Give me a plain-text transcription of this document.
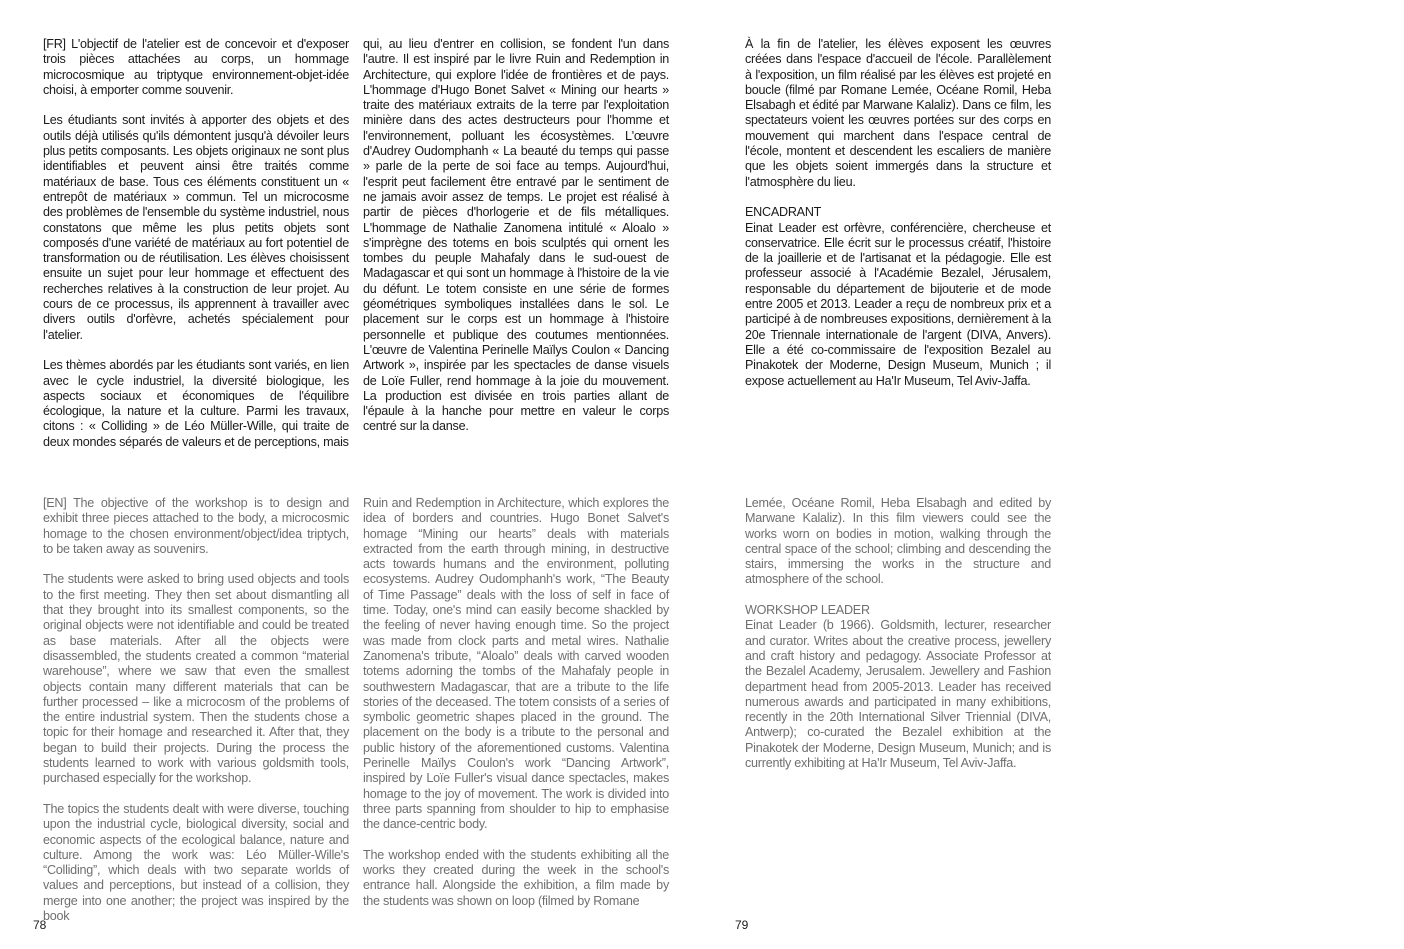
[FR] L'objectif de l'atelier est de concevoir et d'exposer trois pièces attachées au corps, un hommage microcosmique au triptyque environnement-objet-idée choisi, à emporter comme souvenir.

Les étudiants sont invités à apporter des objets et des outils déjà utilisés qu'ils démontent jusqu'à dévoiler leurs plus petits composants. Les objets originaux ne sont plus identifiables et peuvent ainsi être traités comme matériaux de base. Tous ces éléments constituent un « entrepôt de matériaux » commun. Tel un microcosme des problèmes de l'ensemble du système industriel, nous constatons que même les plus petits objets sont composés d'une variété de matériaux au fort potentiel de transformation ou de réutilisation. Les élèves choisissent ensuite un sujet pour leur hommage et effectuent des recherches relatives à la construction de leur projet. Au cours de ce processus, ils apprennent à travailler avec divers outils d'orfèvre, achetés spécialement pour l'atelier.

Les thèmes abordés par les étudiants sont variés, en lien avec le cycle industriel, la diversité biologique, les aspects sociaux et économiques de l'équilibre écologique, la nature et la culture. Parmi les travaux, citons : « Colliding » de Léo Müller-Wille, qui traite de deux mondes séparés de valeurs et de perceptions, mais

qui, au lieu d'entrer en collision, se fondent l'un dans l'autre. Il est inspiré par le livre Ruin and Redemption in Architecture, qui explore l'idée de frontières et de pays. L'hommage d'Hugo Bonet Salvet « Mining our hearts » traite des matériaux extraits de la terre par l'exploitation minière dans des actes destructeurs pour l'homme et l'environnement, polluant les écosystèmes. L'œuvre d'Audrey Oudomphanh « La beauté du temps qui passe » parle de la perte de soi face au temps. Aujourd'hui, l'esprit peut facilement être entravé par le sentiment de ne jamais avoir assez de temps. Le projet est réalisé à partir de pièces d'horlogerie et de fils métalliques. L'hommage de Nathalie Zanomena intitulé « Aloalo » s'imprègne des totems en bois sculptés qui ornent les tombes du peuple Mahafaly dans le sud-ouest de Madagascar et qui sont un hommage à l'histoire de la vie du défunt. Le totem consiste en une série de formes géométriques symboliques installées dans le sol. Le placement sur le corps est un hommage à l'histoire personnelle et publique des coutumes mentionnées. L'œuvre de Valentina Perinelle Maïlys Coulon « Dancing Artwork », inspirée par les spectacles de danse visuels de Loïe Fuller, rend hommage à la joie du mouvement. La production est divisée en trois parties allant de l'épaule à la hanche pour mettre en valeur le corps centré sur la danse.

[EN] The objective of the workshop is to design and exhibit three pieces attached to the body, a microcosmic homage to the chosen environment/object/idea triptych, to be taken away as souvenirs.

The students were asked to bring used objects and tools to the first meeting. They then set about dismantling all that they brought into its smallest components, so the original objects were not identifiable and could be treated as base materials. After all the objects were disassembled, the students created a common “material warehouse”, where we saw that even the smallest objects contain many different materials that can be further processed – like a microcosm of the problems of the entire industrial system. Then the students chose a topic for their homage and researched it. After that, they began to build their projects. During the process the students learned to work with various goldsmith tools, purchased especially for the workshop.

The topics the students dealt with were diverse, touching upon the industrial cycle, biological diversity, social and economic aspects of the ecological balance, nature and culture. Among the work was: Léo Müller-Wille's “Colliding”, which deals with two separate worlds of values and perceptions, but instead of a collision, they merge into one another; the project was inspired by the book

Ruin and Redemption in Architecture, which explores the idea of borders and countries. Hugo Bonet Salvet's homage “Mining our hearts” deals with materials extracted from the earth through mining, in destructive acts towards humans and the environment, polluting ecosystems. Audrey Oudomphanh's work, “The Beauty of Time Passage” deals with the loss of self in face of time. Today, one's mind can easily become shackled by the feeling of never having enough time. So the project was made from clock parts and metal wires. Nathalie Zanomena's tribute, “Aloalo” deals with carved wooden totems adorning the tombs of the Mahafaly people in southwestern Madagascar, that are a tribute to the life stories of the deceased. The totem consists of a series of symbolic geometric shapes placed in the ground. The placement on the body is a tribute to the personal and public history of the aforementioned customs. Valentina Perinelle Maïlys Coulon's work “Dancing Artwork”, inspired by Loïe Fuller's visual dance spectacles, makes homage to the joy of movement. The work is divided into three parts spanning from shoulder to hip to emphasise the dance-centric body.

The workshop ended with the students exhibiting all the works they created during the week in the school's entrance hall. Alongside the exhibition, a film made by the students was shown on loop (filmed by Romane

78

À la fin de l'atelier, les élèves exposent les œuvres créées dans l'espace d'accueil de l'école. Parallèlement à l'exposition, un film réalisé par les élèves est projeté en boucle (filmé par Romane Lemée, Océane Romil, Heba Elsabagh et édité par Marwane Kalaliz). Dans ce film, les spectateurs voient les œuvres portées sur des corps en mouvement qui marchent dans l'espace central de l'école, montent et descendent les escaliers de manière que les objets soient immergés dans la structure et l'atmosphère du lieu.

ENCADRANT

Einat Leader est orfèvre, conférencière, chercheuse et conservatrice. Elle écrit sur le processus créatif, l'histoire de la joaillerie et de l'artisanat et la pédagogie. Elle est professeur associé à l'Académie Bezalel, Jérusalem, responsable du département de bijouterie et de mode entre 2005 et 2013. Leader a reçu de nombreux prix et a participé à de nombreuses expositions, dernièrement à la 20e Triennale internationale de l'argent (DIVA, Anvers). Elle a été co-commissaire de l'exposition Bezalel au Pinakotek der Moderne, Design Museum, Munich ; il expose actuellement au Ha'Ir Museum, Tel Aviv-Jaffa.

Lemée, Océane Romil, Heba Elsabagh and edited by Marwane Kalaliz). In this film viewers could see the works worn on bodies in motion, walking through the central space of the school; climbing and descending the stairs, immersing the works in the structure and atmosphere of the school.

WORKSHOP LEADER

Einat Leader (b 1966). Goldsmith, lecturer, researcher and curator. Writes about the creative process, jewellery and craft history and pedagogy. Associate Professor at the Bezalel Academy, Jerusalem. Jewellery and Fashion department head from 2005-2013. Leader has received numerous awards and participated in many exhibitions, recently in the 20th International Silver Triennial (DIVA, Antwerp); co-curated the Bezalel exhibition at the Pinakotek der Moderne, Design Museum, Munich; and is currently exhibiting at Ha'Ir Museum, Tel Aviv-Jaffa.

79
